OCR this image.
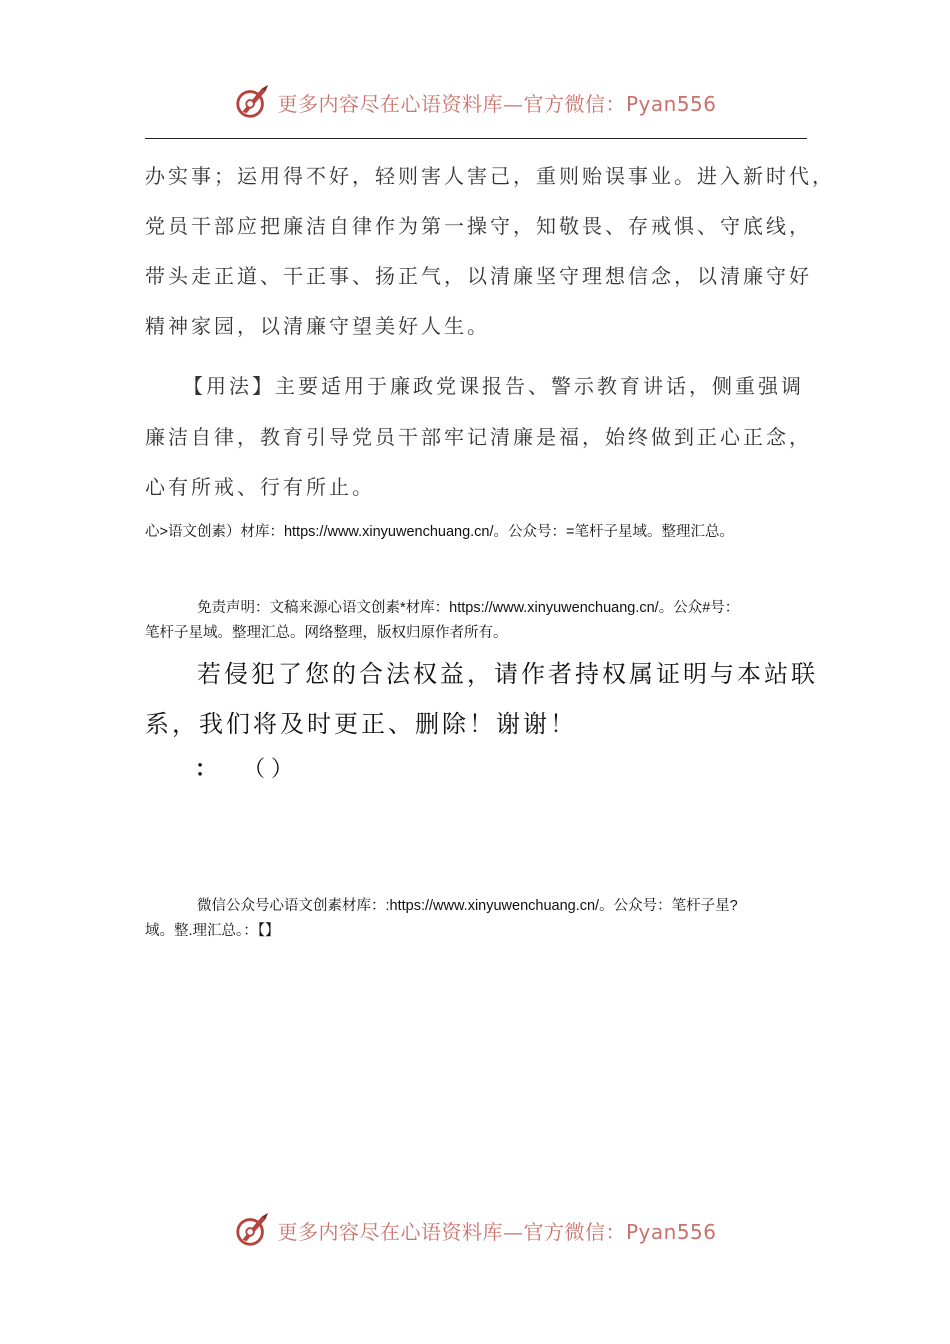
更多内容尽在心语资料库—官方微信：Pyan556
办实事；运用得不好，轻则害人害己，重则贻误事业。进入新时代，
党员干部应把廉洁自律作为第一操守，知敬畏、存戒惧、守底线，
带头走正道、干正事、扬正气，以清廉坚守理想信念，以清廉守好
精神家园，以清廉守望美好人生。
【用法】主要适用于廉政党课报告、警示教育讲话，侧重强调
廉洁自律，教育引导党员干部牢记清廉是福，始终做到正心正念，
心有所戒、行有所止。
心>语文创素）材库：https://www.xinyuwenchuang.cn/。公众号：=笔杆子星域。整理汇总。
免责声明：文稿来源心语文创素*材库：https://www.xinyuwenchuang.cn/。公众#号：
笔杆子星域。整理汇总。网络整理，版权归原作者所有。
若侵犯了您的合法权益，请作者持权属证明与本站联
系，我们将及时更正、删除！谢谢！
： （）
微信公众号心语文创素材库：:https://www.xinyuwenchuang.cn/。公众号：笔杆子星?
域。整.理汇总。：【】
更多内容尽在心语资料库—官方微信：Pyan556
